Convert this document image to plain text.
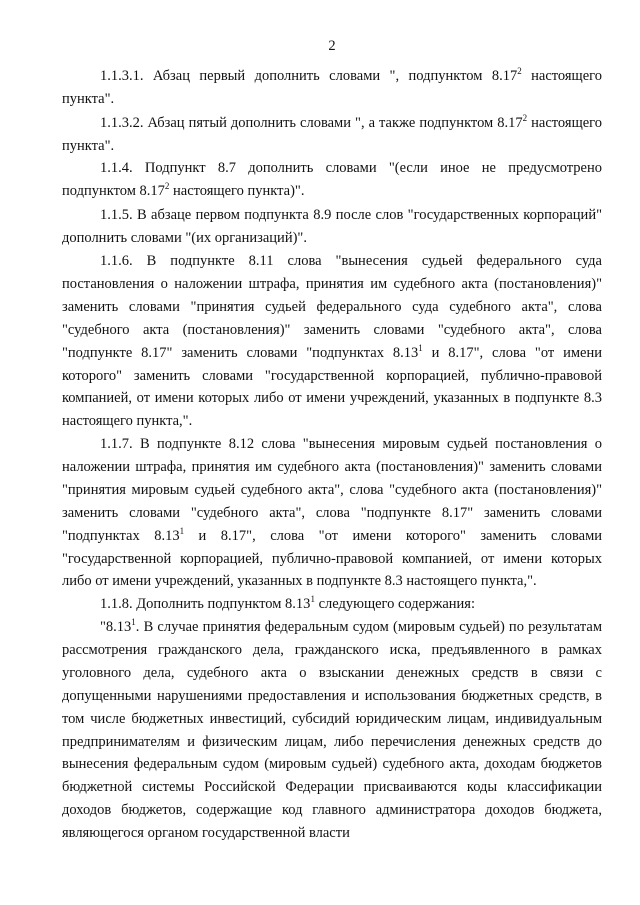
2

1.1.3.1. Абзац первый дополнить словами ", подпунктом 8.17$^2$ настоящего пункта".

1.1.3.2. Абзац пятый дополнить словами ", а также подпунктом 8.17$^2$ настоящего пункта".

1.1.4. Подпункт 8.7 дополнить словами "(если иное не предусмотрено подпунктом 8.17$^2$ настоящего пункта)".

1.1.5. В абзаце первом подпункта 8.9 после слов "государственных корпораций" дополнить словами "(их организаций)".

1.1.6. В подпункте 8.11 слова "вынесения судьей федерального суда постановления о наложении штрафа, принятия им судебного акта (постановления)" заменить словами "принятия судьей федерального суда судебного акта", слова "судебного акта (постановления)" заменить словами "судебного акта", слова "подпункте 8.17" заменить словами "подпунктах 8.13$^1$ и 8.17", слова "от имени которого" заменить словами "государственной корпорацией, публично-правовой компанией, от имени которых либо от имени учреждений, указанных в подпункте 8.3 настоящего пункта,".

1.1.7. В подпункте 8.12 слова "вынесения мировым судьей постановления о наложении штрафа, принятия им судебного акта (постановления)" заменить словами "принятия мировым судьей судебного акта", слова "судебного акта (постановления)" заменить словами "судебного акта", слова "подпункте 8.17" заменить словами "подпунктах 8.13$^1$ и 8.17", слова "от имени которого" заменить словами "государственной корпорацией, публично-правовой компанией, от имени которых либо от имени учреждений, указанных в подпункте 8.3 настоящего пункта,".

1.1.8. Дополнить подпунктом 8.13$^1$ следующего содержания:

"8.13$^1$. В случае принятия федеральным судом (мировым судьей) по результатам рассмотрения гражданского дела, гражданского иска, предъявленного в рамках уголовного дела, судебного акта о взыскании денежных средств в связи с допущенными нарушениями предоставления и использования бюджетных средств, в том числе бюджетных инвестиций, субсидий юридическим лицам, индивидуальным предпринимателям и физическим лицам, либо перечисления денежных средств до вынесения федеральным судом (мировым судьей) судебного акта, доходам бюджетов бюджетной системы Российской Федерации присваиваются коды классификации доходов бюджетов, содержащие код главного администратора доходов бюджета, являющегося органом государственной власти
